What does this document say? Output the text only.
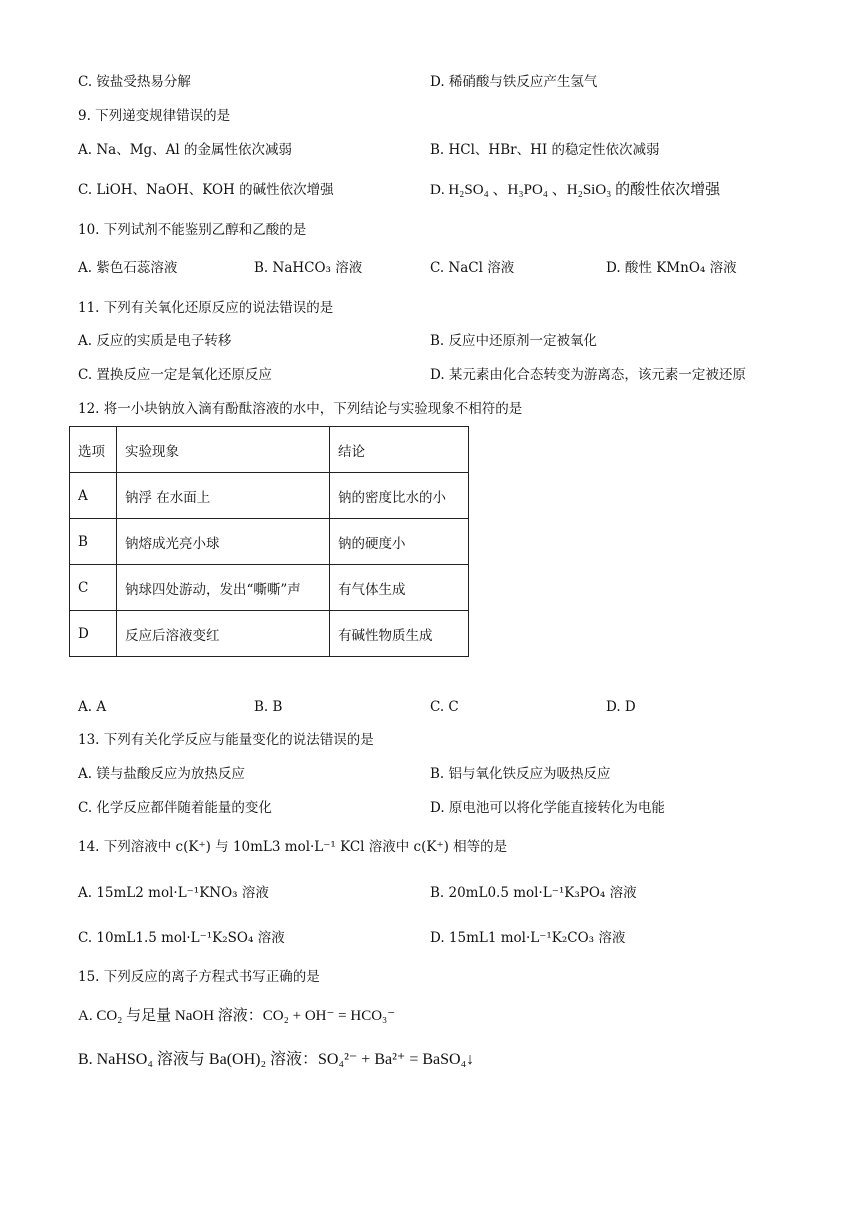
C. 铵盐受热易分解	D. 稀硝酸与铁反应产生氢气
9. 下列递变规律错误的是
A. Na、Mg、Al 的金属性依次减弱	B. HCl、HBr、HI 的稳定性依次减弱
C. LiOH、NaOH、KOH 的碱性依次增强	D. H₂SO₄ 、H₃PO₄ 、H₂SiO₃ 的酸性依次增强
10. 下列试剂不能鉴别乙醇和乙酸的是
A. 紫色石蕊溶液	B. NaHCO₃ 溶液	C. NaCl 溶液	D. 酸性 KMnO₄ 溶液
11. 下列有关氧化还原反应的说法错误的是
A. 反应的实质是电子转移	B. 反应中还原剂一定被氧化
C. 置换反应一定是氧化还原反应	D. 某元素由化合态转变为游离态，该元素一定被还原
12. 将一小块钠放入滴有酚酞溶液的水中，下列结论与实验现象不相符的是
选项	实验现象	结论
A	钠浮 在水面上	钠的密度比水的小
B	钠熔成光亮小球	钠的硬度小
C	钠球四处游动，发出“嘶嘶”声	有气体生成
D	反应后溶液变红	有碱性物质生成
A. A	B. B	C. C	D. D
13. 下列有关化学反应与能量变化的说法错误的是
A. 镁与盐酸反应为放热反应	B. 铝与氧化铁反应为吸热反应
C. 化学反应都伴随着能量的变化	D. 原电池可以将化学能直接转化为电能
14. 下列溶液中 c(K⁺) 与 10mL3 mol·L⁻¹ KCl 溶液中 c(K⁺) 相等的是
A. 15mL2 mol·L⁻¹KNO₃ 溶液	B. 20mL0.5 mol·L⁻¹K₃PO₄ 溶液
C. 10mL1.5 mol·L⁻¹K₂SO₄ 溶液	D. 15mL1 mol·L⁻¹K₂CO₃ 溶液
15. 下列反应的离子方程式书写正确的是
A. CO₂ 与足量 NaOH 溶液：CO₂ + OH⁻ = HCO₃⁻
B. NaHSO₄ 溶液与 Ba(OH)₂ 溶液：SO₄²⁻ + Ba²⁺ = BaSO₄↓
